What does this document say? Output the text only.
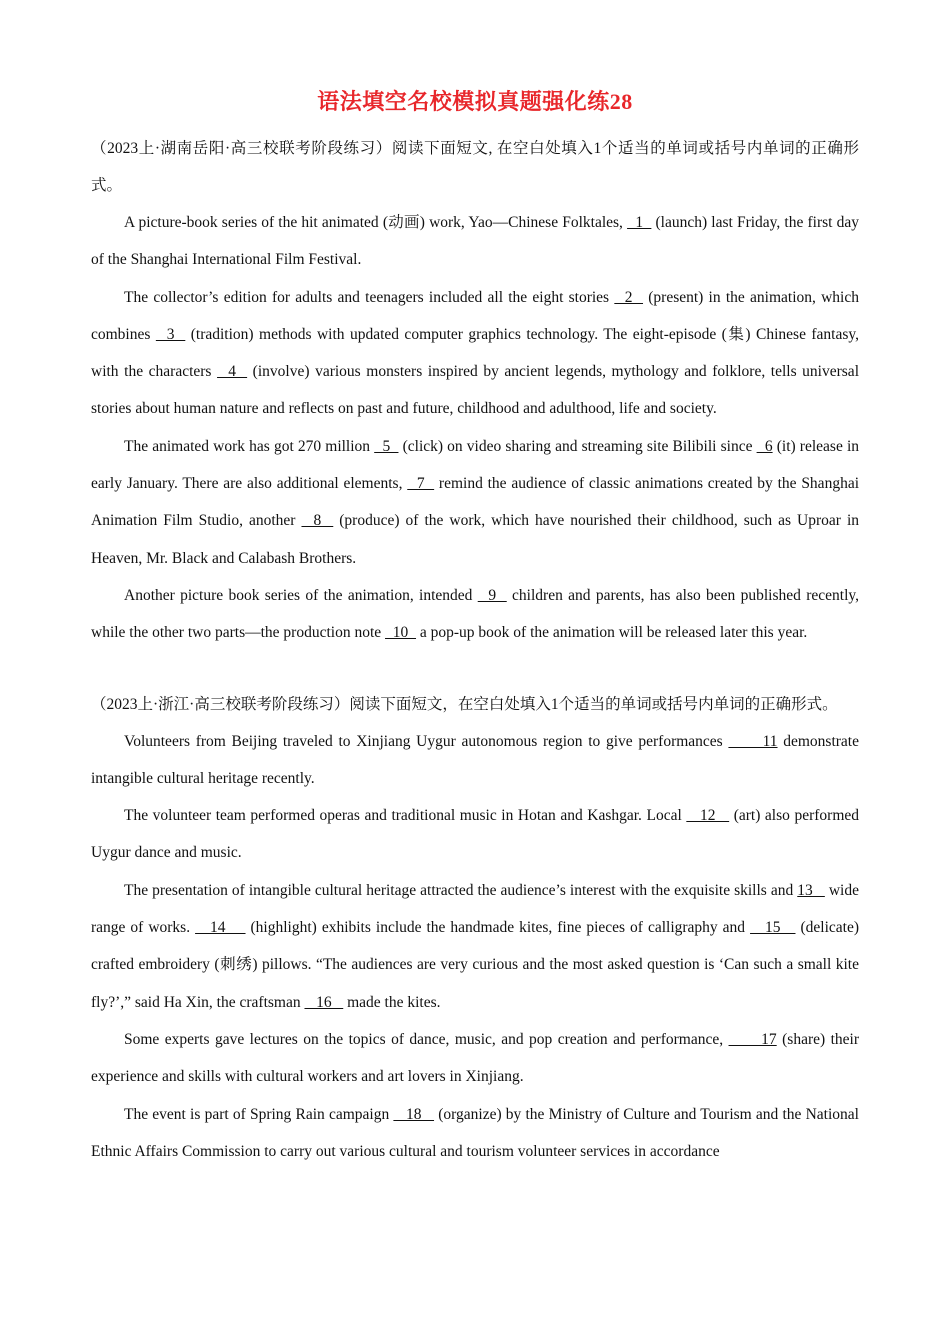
语法填空名校模拟真题强化练28

（2023上·湖南岳阳·高三校联考阶段练习）阅读下面短文, 在空白处填入1个适当的单词或括号内单词的正确形式。

A picture-book series of the hit animated (动画) work, Yao—Chinese Folktales,   1   (launch) last Friday, the first day of the Shanghai International Film Festival.

The collector’s edition for adults and teenagers included all the eight stories   2   (present) in the animation, which combines   3   (tradition) methods with updated computer graphics technology. The eight-episode (集) Chinese fantasy, with the characters   4   (involve) various monsters inspired by ancient legends, mythology and folklore, tells universal stories about human nature and reflects on past and future, childhood and adulthood, life and society.

The animated work has got 270 million   5   (click) on video sharing and streaming site Bilibili since   6 (it) release in early January. There are also additional elements,   7   remind the audience of classic animations created by the Shanghai Animation Film Studio, another   8   (produce) of the work, which have nourished their childhood, such as Uproar in Heaven, Mr. Black and Calabash Brothers.

Another picture book series of the animation, intended   9   children and parents, has also been published recently, while the other two parts—the production note   10   a pop-up book of the animation will be released later this year.

（2023上·浙江·高三校联考阶段练习）阅读下面短文，在空白处填入1个适当的单词或括号内单词的正确形式。

Volunteers from Beijing traveled to Xinjiang Uygur autonomous region to give performances       11 demonstrate intangible cultural heritage recently.

The volunteer team performed operas and traditional music in Hotan and Kashgar. Local    12    (art) also performed Uygur dance and music.

The presentation of intangible cultural heritage attracted the audience’s interest with the exquisite skills and 13    wide range of works.    14     (highlight) exhibits include the handmade kites, fine pieces of calligraphy and    15    (delicate) crafted embroidery (刺绣) pillows. “The audiences are very curious and the most asked question is ‘Can such a small kite fly?’,” said Ha Xin, the craftsman    16    made the kites.

Some experts gave lectures on the topics of dance, music, and pop creation and performance,       17 (share) their experience and skills with cultural workers and art lovers in Xinjiang.

The event is part of Spring Rain campaign    18    (organize) by the Ministry of Culture and Tourism and the National Ethnic Affairs Commission to carry out various cultural and tourism volunteer services in accordance
